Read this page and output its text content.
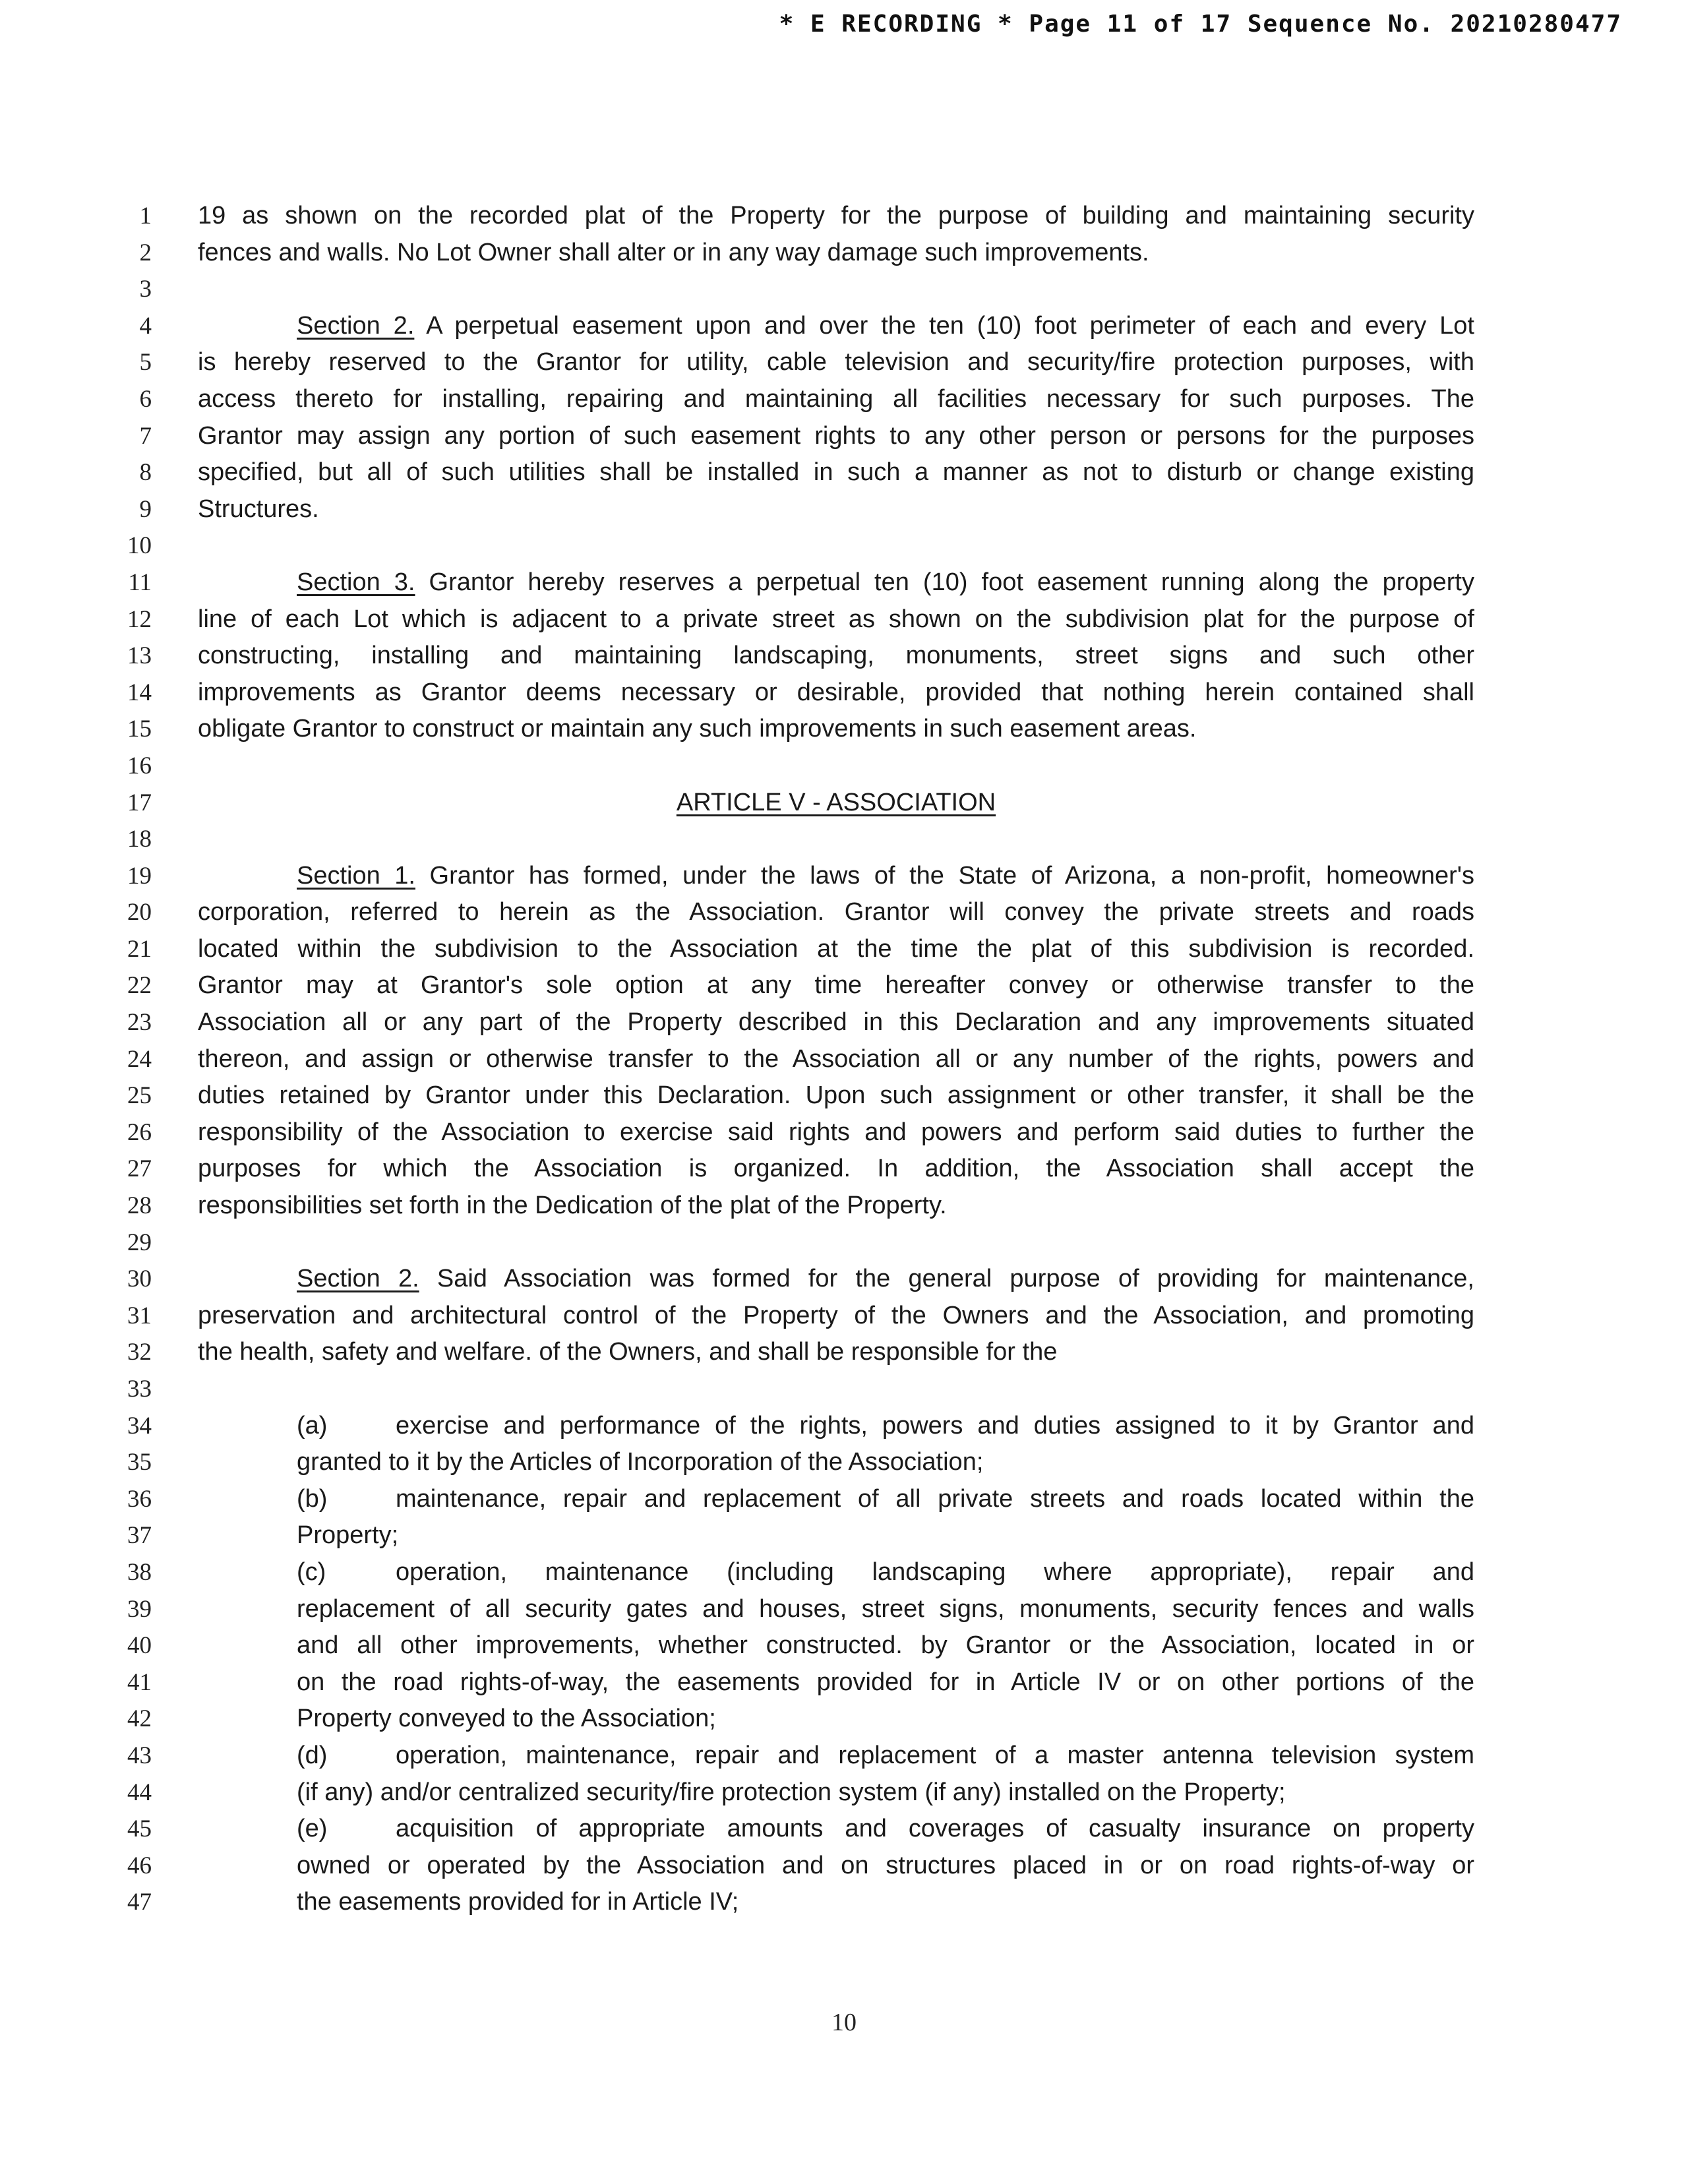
* E RECORDING * Page 11 of 17 Sequence No. 20210280477
1 19 as shown on the recorded plat of the Property for the purpose of building and maintaining security
2 fences and walls. No Lot Owner shall alter or in any way damage such improvements.
3
4	Section 2. A perpetual easement upon and over the ten (10) foot perimeter of each and every Lot
5 is hereby reserved to the Grantor for utility, cable television and security/fire protection purposes, with
6 access thereto for installing, repairing and maintaining all facilities necessary for such purposes. The
7 Grantor may assign any portion of such easement rights to any other person or persons for the purposes
8 specified, but all of such utilities shall be installed in such a manner as not to disturb or change existing
9 Structures.
10
11	Section 3. Grantor hereby reserves a perpetual ten (10) foot easement running along the property
12 line of each Lot which is adjacent to a private street as shown on the subdivision plat for the purpose of
13 constructing, installing and maintaining landscaping, monuments, street signs and such other
14 improvements as Grantor deems necessary or desirable, provided that nothing herein contained shall
15 obligate Grantor to construct or maintain any such improvements in such easement areas.
16
17	ARTICLE V - ASSOCIATION
18
19	Section 1. Grantor has formed, under the laws of the State of Arizona, a non-profit, homeowner's
20 corporation, referred to herein as the Association. Grantor will convey the private streets and roads
21 located within the subdivision to the Association at the time the plat of this subdivision is recorded.
22 Grantor may at Grantor's sole option at any time hereafter convey or otherwise transfer to the
23 Association all or any part of the Property described in this Declaration and any improvements situated
24 thereon, and assign or otherwise transfer to the Association all or any number of the rights, powers and
25 duties retained by Grantor under this Declaration. Upon such assignment or other transfer, it shall be the
26 responsibility of the Association to exercise said rights and powers and perform said duties to further the
27 purposes for which the Association is organized. In addition, the Association shall accept the
28 responsibilities set forth in the Dedication of the plat of the Property.
29
30	Section 2. Said Association was formed for the general purpose of providing for maintenance,
31 preservation and architectural control of the Property of the Owners and the Association, and promoting
32 the health, safety and welfare. of the Owners, and shall be responsible for the
33
34	(a)	exercise and performance of the rights, powers and duties assigned to it by Grantor and
35	granted to it by the Articles of Incorporation of the Association;
36	(b)	maintenance, repair and replacement of all private streets and roads located within the
37	Property;
38	(c)	operation, maintenance (including landscaping where appropriate), repair and
39	replacement of all security gates and houses, street signs, monuments, security fences and walls
40	and all other improvements, whether constructed. by Grantor or the Association, located in or
41	on the road rights-of-way, the easements provided for in Article IV or on other portions of the
42	Property conveyed to the Association;
43	(d)	operation, maintenance, repair and replacement of a master antenna television system
44	(if any) and/or centralized security/fire protection system (if any) installed on the Property;
45	(e)	acquisition of appropriate amounts and coverages of casualty insurance on property
46	owned or operated by the Association and on structures placed in or on road rights-of-way or
47	the easements provided for in Article IV;
10
